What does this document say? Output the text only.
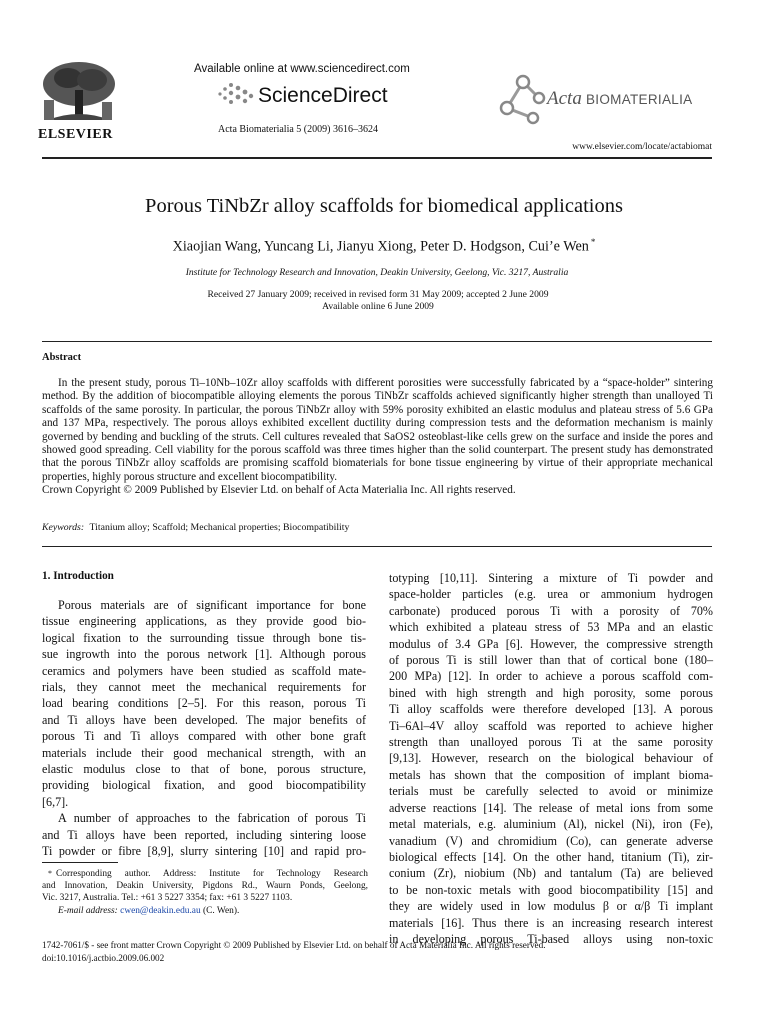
ELSEVIER
Available online at www.sciencedirect.com
ScienceDirect
Acta Biomaterialia 5 (2009) 3616–3624
Acta BIOMATERIALIA
www.elsevier.com/locate/actabiomat
Porous TiNbZr alloy scaffolds for biomedical applications
Xiaojian Wang, Yuncang Li, Jianyu Xiong, Peter D. Hodgson, Cui’e Wen *
Institute for Technology Research and Innovation, Deakin University, Geelong, Vic. 3217, Australia
Received 27 January 2009; received in revised form 31 May 2009; accepted 2 June 2009
Available online 6 June 2009
Abstract
In the present study, porous Ti–10Nb–10Zr alloy scaffolds with different porosities were successfully fabricated by a “space-holder” sintering method. By the addition of biocompatible alloying elements the porous TiNbZr scaffolds achieved significantly higher strength than unalloyed Ti scaffolds of the same porosity. In particular, the porous TiNbZr alloy with 59% porosity exhibited an elastic modulus and plateau stress of 5.6 GPa and 137 MPa, respectively. The porous alloys exhibited excellent ductility during compression tests and the deformation mechanism is mainly governed by bending and buckling of the struts. Cell cultures revealed that SaOS2 osteoblast-like cells grew on the surface and inside the pores and showed good spreading. Cell viability for the porous scaffold was three times higher than the solid counterpart. The present study has demonstrated that the porous TiNbZr alloy scaffolds are promising scaffold biomaterials for bone tissue engineering by virtue of their appropriate mechanical properties, highly porous structure and excellent biocompatibility.
Crown Copyright © 2009 Published by Elsevier Ltd. on behalf of Acta Materialia Inc. All rights reserved.
Keywords: Titanium alloy; Scaffold; Mechanical properties; Biocompatibility
1. Introduction
Porous materials are of significant importance for bone
tissue engineering applications, as they provide good bio-
logical fixation to the surrounding tissue through bone tis-
sue ingrowth into the porous network [1]. Although porous
ceramics and polymers have been studied as scaffold mate-
rials, they cannot meet the mechanical requirements for
load bearing conditions [2–5]. For this reason, porous Ti
and Ti alloys have been developed. The major benefits of
porous Ti and Ti alloys compared with other bone graft
materials include their good mechanical strength, with an
elastic modulus close to that of bone, porous structure,
providing biological fixation, and good biocompatibility
[6,7].
A number of approaches to the fabrication of porous Ti
and Ti alloys have been reported, including sintering loose
Ti powder or fibre [8,9], slurry sintering [10] and rapid pro-
* Corresponding author. Address: Institute for Technology Research
and Innovation, Deakin University, Pigdons Rd., Waurn Ponds, Geelong,
Vic. 3217, Australia. Tel.: +61 3 5227 3354; fax: +61 3 5227 1103.
E-mail address: cwen@deakin.edu.au (C. Wen).
totyping [10,11]. Sintering a mixture of Ti powder and
space-holder particles (e.g. urea or ammonium hydrogen
carbonate) produced porous Ti with a porosity of 70%
which exhibited a plateau stress of 53 MPa and an elastic
modulus of 3.4 GPa [6]. However, the compressive strength
of porous Ti is still lower than that of cortical bone (180–
200 MPa) [12]. In order to achieve a porous scaffold com-
bined with high strength and high porosity, some porous
Ti alloy scaffolds were therefore developed [13]. A porous
Ti–6Al–4V alloy scaffold was reported to achieve higher
strength than unalloyed porous Ti at the same porosity
[9,13]. However, research on the biological behaviour of
metals has shown that the composition of implant bioma-
terials must be carefully selected to avoid or minimize
adverse reactions [14]. The release of metal ions from some
metal materials, e.g. aluminium (Al), nickel (Ni), iron (Fe),
vanadium (V) and chromidium (Co), can generate adverse
biological effects [14]. On the other hand, titanium (Ti), zir-
conium (Zr), niobium (Nb) and tantalum (Ta) are believed
to be non-toxic metals with good biocompatibility [15] and
they are widely used in low modulus β or α/β Ti implant
materials [16]. Thus there is an increasing research interest
in developing porous Ti-based alloys using non-toxic
1742-7061/$ - see front matter Crown Copyright © 2009 Published by Elsevier Ltd. on behalf of Acta Materialia Inc. All rights reserved.
doi:10.1016/j.actbio.2009.06.002
